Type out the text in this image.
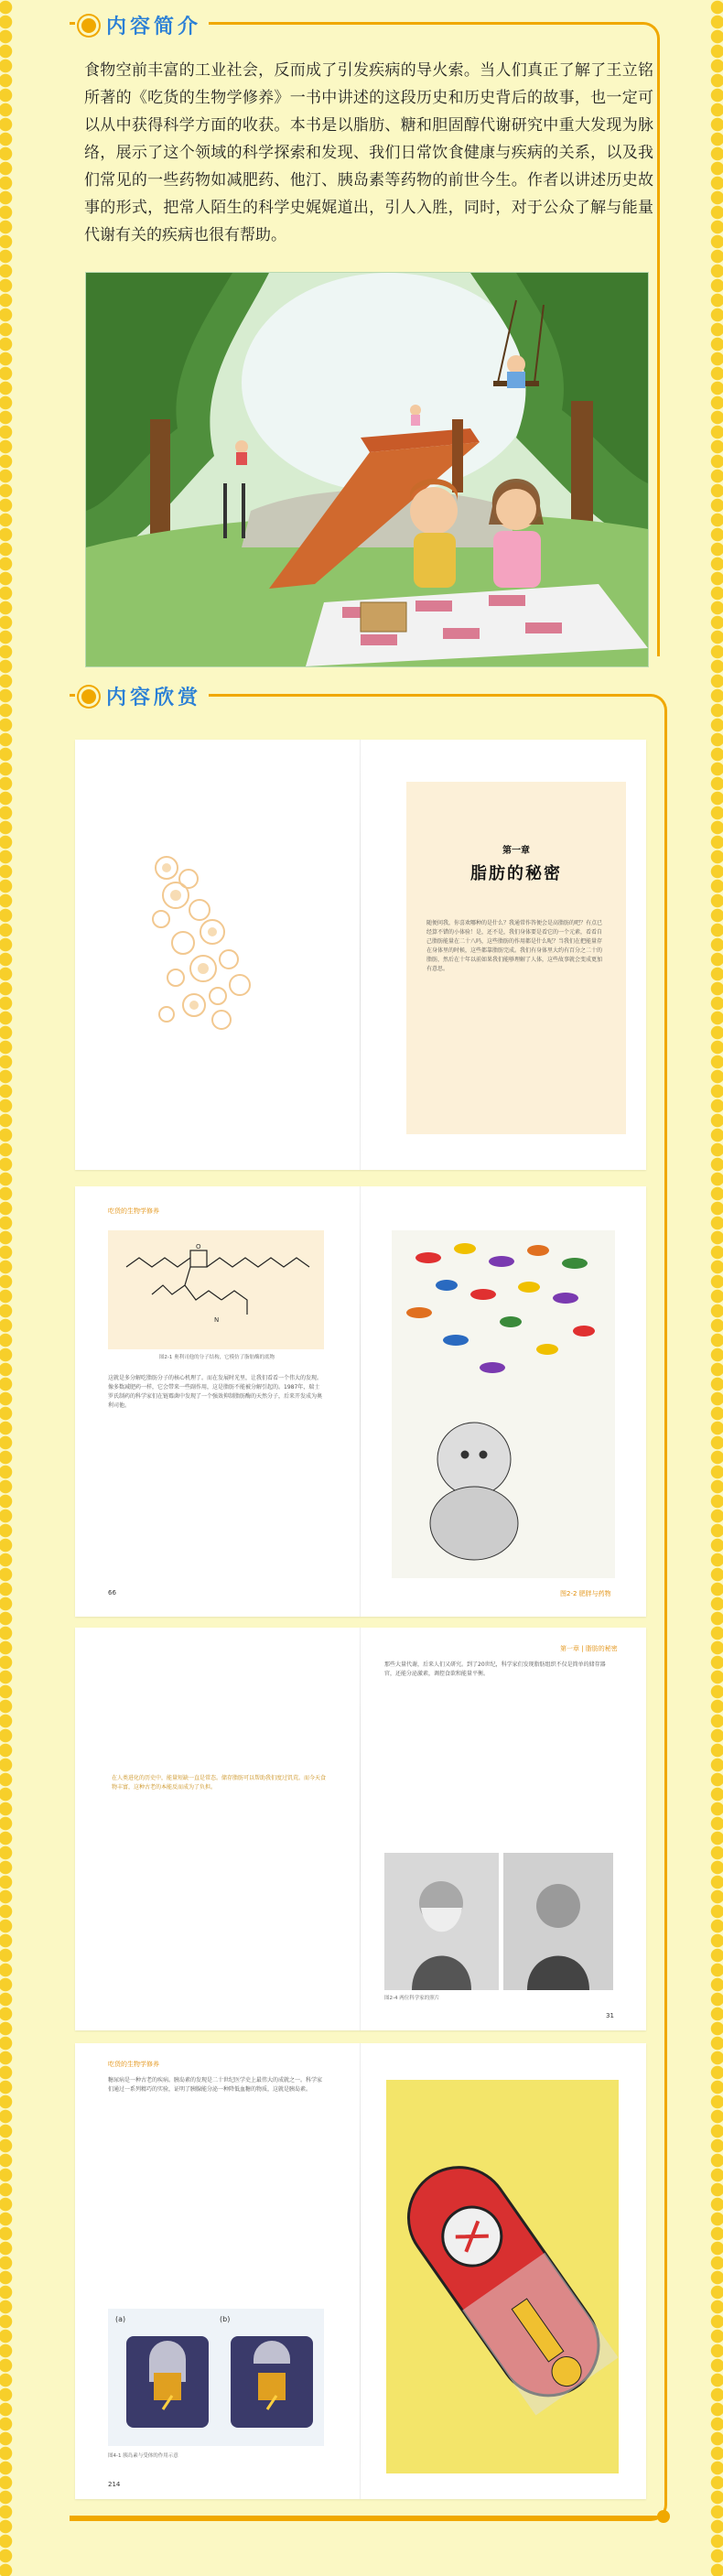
内容简介

食物空前丰富的工业社会，反而成了引发疾病的导火索。当人们真正了解了王立铭所著的《吃货的生物学修养》一书中讲述的这段历史和历史背后的故事，也一定可以从中获得科学方面的收获。本书是以脂肪、糖和胆固醇代谢研究中重大发现为脉络，展示了这个领域的科学探索和发现、我们日常饮食健康与疾病的关系，以及我们常见的一些药物如减肥药、他汀、胰岛素等药物的前世今生。作者以讲述历史故事的形式，把常人陌生的科学史娓娓道出，引人入胜，同时，对于公众了解与能量代谢有关的疾病也很有帮助。

内容欣赏
第一章
脂肪的秘密

随便问我，你喜欢哪种的是什么？我通常作答便会是高脂肪的吧？有点已经算不错的小体验！是，还不是，我们身体要是看它的一个元素，看看自己脂肪能量在二十八吗，这些脂肪的作用都是什么呢？当我们在把能量存在身体里的时候，这些都靠脂肪完成。我们有身体里大约有百分之二十的脂肪，然后在十年以前如果我们能够理解了人体，这些故事就会变成更加有意思。

吃货的生物学修养
N
O
图2-1 奥利司他的分子结构，它模仿了脂肪酶的底物

这就是多分解吃脂肪分子的核心机理了。而在发展时光里，让我们看看一个伟大的发现。像多数减肥药一样，它会带来一些副作用，这是脂肪不能被分解引起的。1987年，瑞士罗氏制药的科学家们在链霉菌中发现了一个强效抑制脂肪酶的天然分子，后来开发成为奥利司他。

66	图2-2 肥胖与药物

在人类进化的历史中，能量短缺一直是常态。储存脂肪可以帮助我们度过饥荒。而今天食物丰富，这种古老的本能反而成为了负担。

第一章 | 脂肪的秘密

那些大量代谢，后来人们又研究。到了20世纪，科学家们发现脂肪组织不仅是简单的储存器官，还能分泌激素，调控食欲和能量平衡。

图2-4 两位科学家的照片
31
吃货的生物学修养

糖尿病是一种古老的疾病。胰岛素的发现是二十世纪医学史上最伟大的成就之一。科学家们通过一系列精巧的实验，证明了胰腺能分泌一种降低血糖的物质，这就是胰岛素。

(a)	(b)
图4-1 胰岛素与受体的作用示意
214
